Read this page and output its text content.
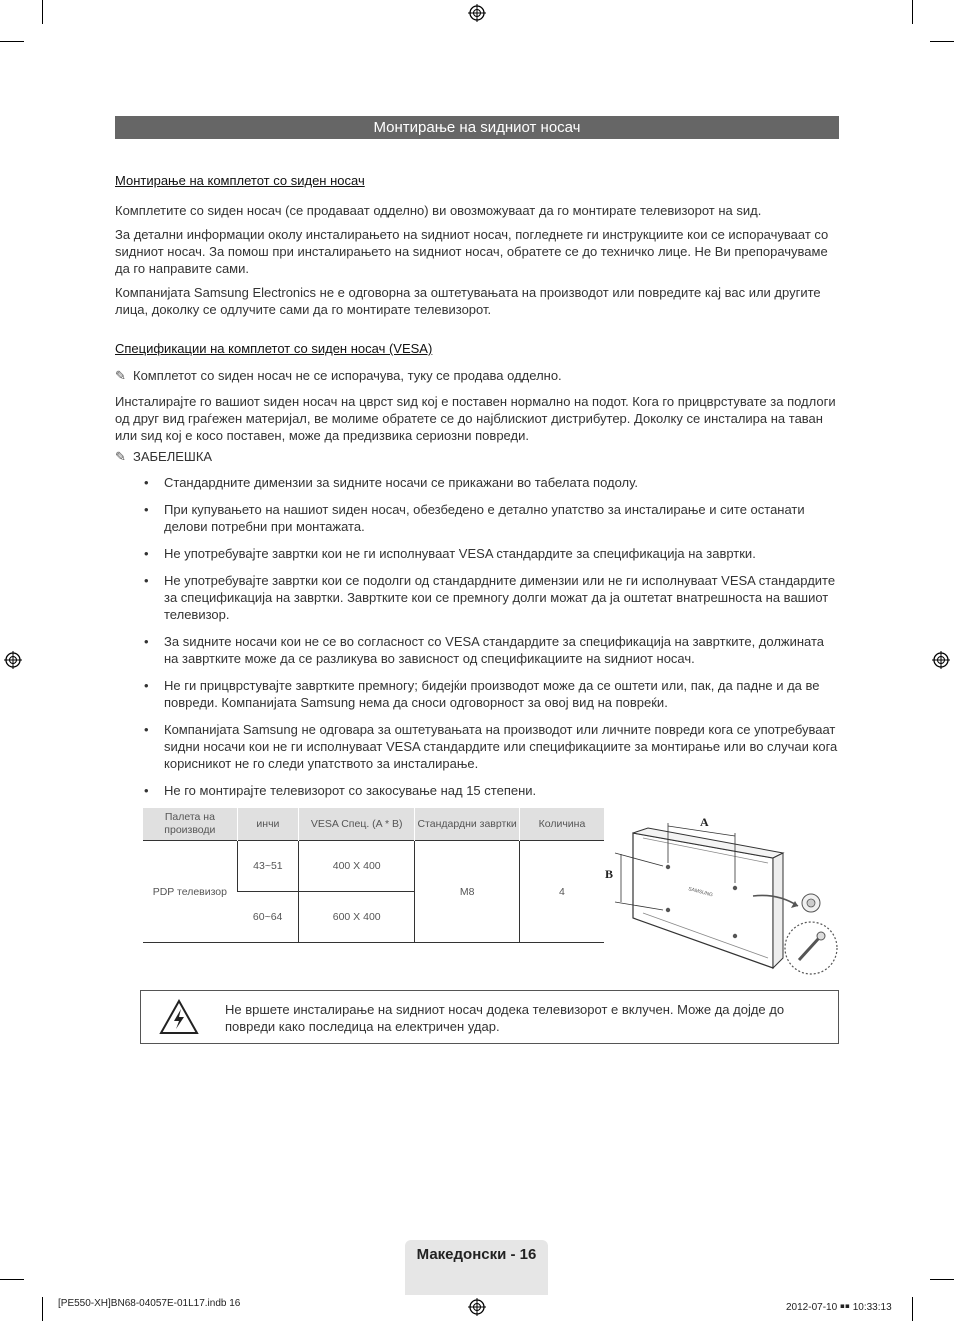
Монтирање на ѕидниот носач
Монтирање на комплетот со ѕиден носач
Комплетите со ѕиден носач (се продаваат одделно) ви овозможуваат да го монтирате телевизорот на ѕид.
За детални информации околу инсталирањето на ѕидниот носач, погледнете ги инструкциите кои се испорачуваат со ѕидниот носач. За помош при инсталирањето на ѕидниот носач, обратете се до техничко лице. Не Ви препорачуваме да го направите сами.
Компанијата Samsung Electronics не е одговорна за оштетувањата на производот или повредите кај вас или другите лица, доколку се одлучите сами да го монтирате телевизорот.
Спецификации на комплетот со ѕиден носач (VESA)
✎ Комплетот со ѕиден носач не се испорачува, туку се продава одделно.
Инсталирајте го вашиот ѕиден носач на цврст ѕид кој е поставен нормално на подот. Кога го прицврстувате за подлоги од друг вид граѓежен материјал, ве молиме обратете се до најблискиот дистрибутер. Доколку се инсталира на таван или ѕид кој е косо поставен, може да предизвика сериозни повреди.
✎ ЗАБЕЛЕШКА
• Стандардните димензии за ѕидните носачи се прикажани во табелата подолу.
• При купувањето на нашиот ѕиден носач, обезбедено е детално упатство за инсталирање и сите останати делови потребни при монтажата.
• Не употребувајте завртки кои не ги исполнуваат VESA стандардите за спецификација на завртки.
• Не употребувајте завртки кои се подолги од стандардните димензии или не ги исполнуваат VESA стандардите за спецификација на завртки. Завртките кои се премногу долги можат да ја оштетат внатрешноста на вашиот телевизор.
• За ѕидните носачи кои не се во согласност со VESA стандардите за спецификација на завртките, должината на завртките може да се разликува во зависност од спецификациите на ѕидниот носач.
• Не ги прицврстувајте завртките премногу; бидејќи производот може да се оштети или, пак, да падне и да ве повреди. Компанијата Samsung нема да сноси одговорност за овој вид на повреќи.
• Компанијата Samsung не одговара за оштетувањата на производот или личните повреди кога се употребуваат ѕидни носачи кои не ги исполнуваат VESA стандардите или спецификациите за монтирање или во случаи кога корисникот не го следи упатството за инсталирање.
• Не го монтирајте телевизорот со закосување над 15 степени.
Палета на производи	инчи	VESA Спец. (A * B)	Стандардни завртки	Количина
PDP телевизор	43~51	400 X 400	M8	4
	60~64	600 X 400		
A
B
SAMSUNG
Не вршете инсталирање на ѕидниот носач додека телевизорот е вклучен. Може да дојде до повреди како последица на електричен удар.
Македонски - 16
[PE550-XH]BN68-04057E-01L17.indb 16	2012-07-10 ￭￭ 10:33:13
